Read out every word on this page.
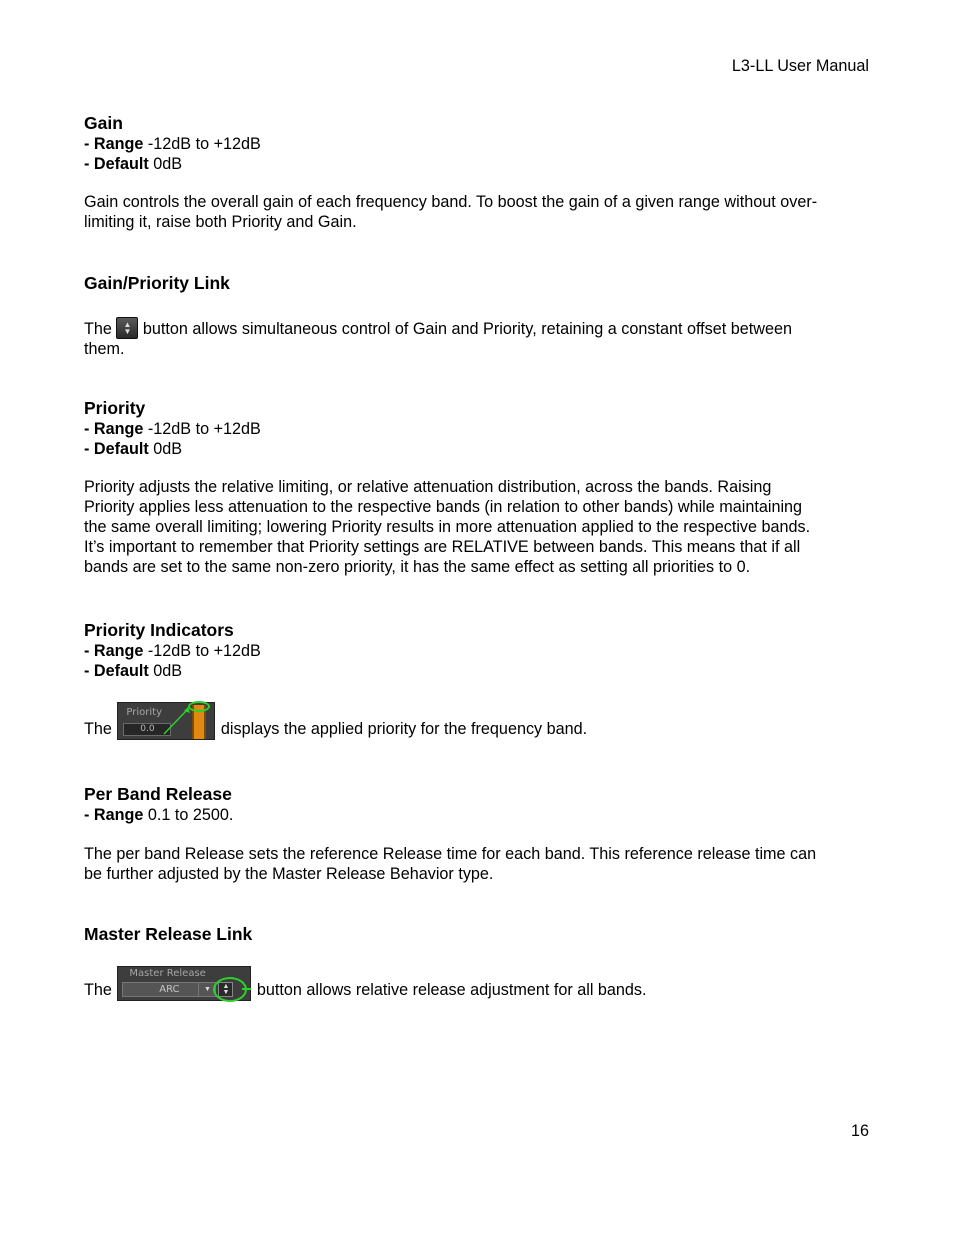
L3-LL User Manual
Gain
- Range -12dB to +12dB
- Default 0dB
Gain controls the overall gain of each frequency band. To boost the gain of a given range without over-
limiting it, raise both Priority and Gain.
Gain/Priority Link
The ▲
▼ button allows simultaneous control of Gain and Priority, retaining a constant offset between
them.
Priority
- Range -12dB to +12dB
- Default 0dB
Priority adjusts the relative limiting, or relative attenuation distribution, across the bands. Raising
Priority applies less attenuation to the respective bands (in relation to other bands) while maintaining
the same overall limiting; lowering Priority results in more attenuation applied to the respective bands.
It’s important to remember that Priority settings are RELATIVE between bands. This means that if all
bands are set to the same non-zero priority, it has the same effect as setting all priorities to 0.
Priority Indicators
- Range -12dB to +12dB
- Default 0dB
The
Priority
0.0	displays the applied priority for the frequency band.
Per Band Release
- Range 0.1 to 2500.
The per band Release sets the reference Release time for each band. This reference release time can
be further adjusted by the Master Release Behavior type.
Master Release Link
The
Master Release
ARC	▼	▲
▼ button allows relative release adjustment for all bands.
16
